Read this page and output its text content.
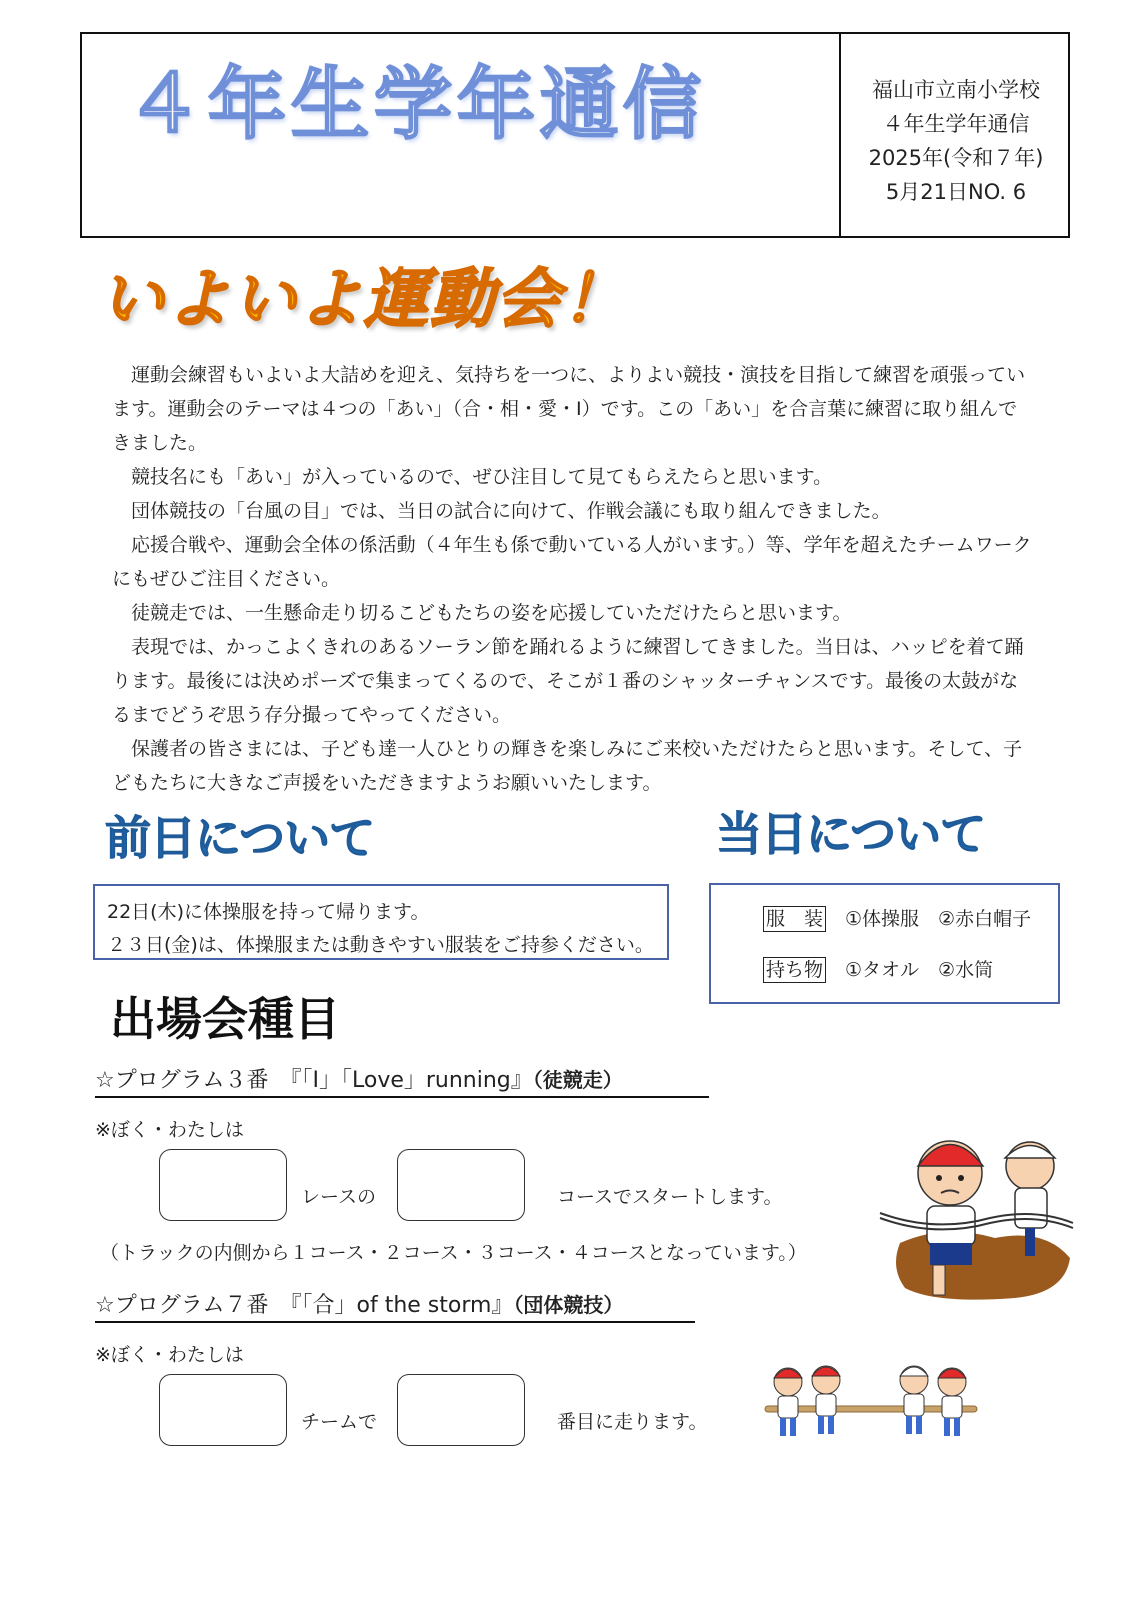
４年生学年通信	福山市立南小学校
４年生学年通信
2025年(令和７年)
5月21日NO. 6
いよいよ運動会！

運動会練習もいよいよ大詰めを迎え、気持ちを一つに、よりよい競技・演技を目指して練習を頑張っています。運動会のテーマは４つの「あい」（合・相・愛・I）です。この「あい」を合言葉に練習に取り組んできました。

競技名にも「あい」が入っているので、ぜひ注目して見てもらえたらと思います。

団体競技の「台風の目」では、当日の試合に向けて、作戦会議にも取り組んできました。

応援合戦や、運動会全体の係活動（４年生も係で動いている人がいます。）等、学年を超えたチームワークにもぜひご注目ください。

徒競走では、一生懸命走り切るこどもたちの姿を応援していただけたらと思います。

表現では、かっこよくきれのあるソーラン節を踊れるように練習してきました。当日は、ハッピを着て踊ります。最後には決めポーズで集まってくるので、そこが１番のシャッターチャンスです。最後の太鼓がなるまでどうぞ思う存分撮ってやってください。

保護者の皆さまには、子ども達一人ひとりの輝きを楽しみにご来校いただけたらと思います。そして、子どもたちに大きなご声援をいただきますようお願いいたします。

前日について
22日(木)に体操服を持って帰ります。
２３日(金)は、体操服または動きやすい服装をご持参ください。
当日について
服　装 ①体操服　②赤白帽子
持ち物 ①タオル　②水筒
出場会種目
☆プログラム３番　『「I」「Love」running』（徒競走）
※ぼく・わたしは
レースの	コースでスタートします。
（トラックの内側から１コース・２コース・３コース・４コースとなっています。）
☆プログラム７番　『「合」of the storm』（団体競技）
※ぼく・わたしは
チームで	番目に走ります。
